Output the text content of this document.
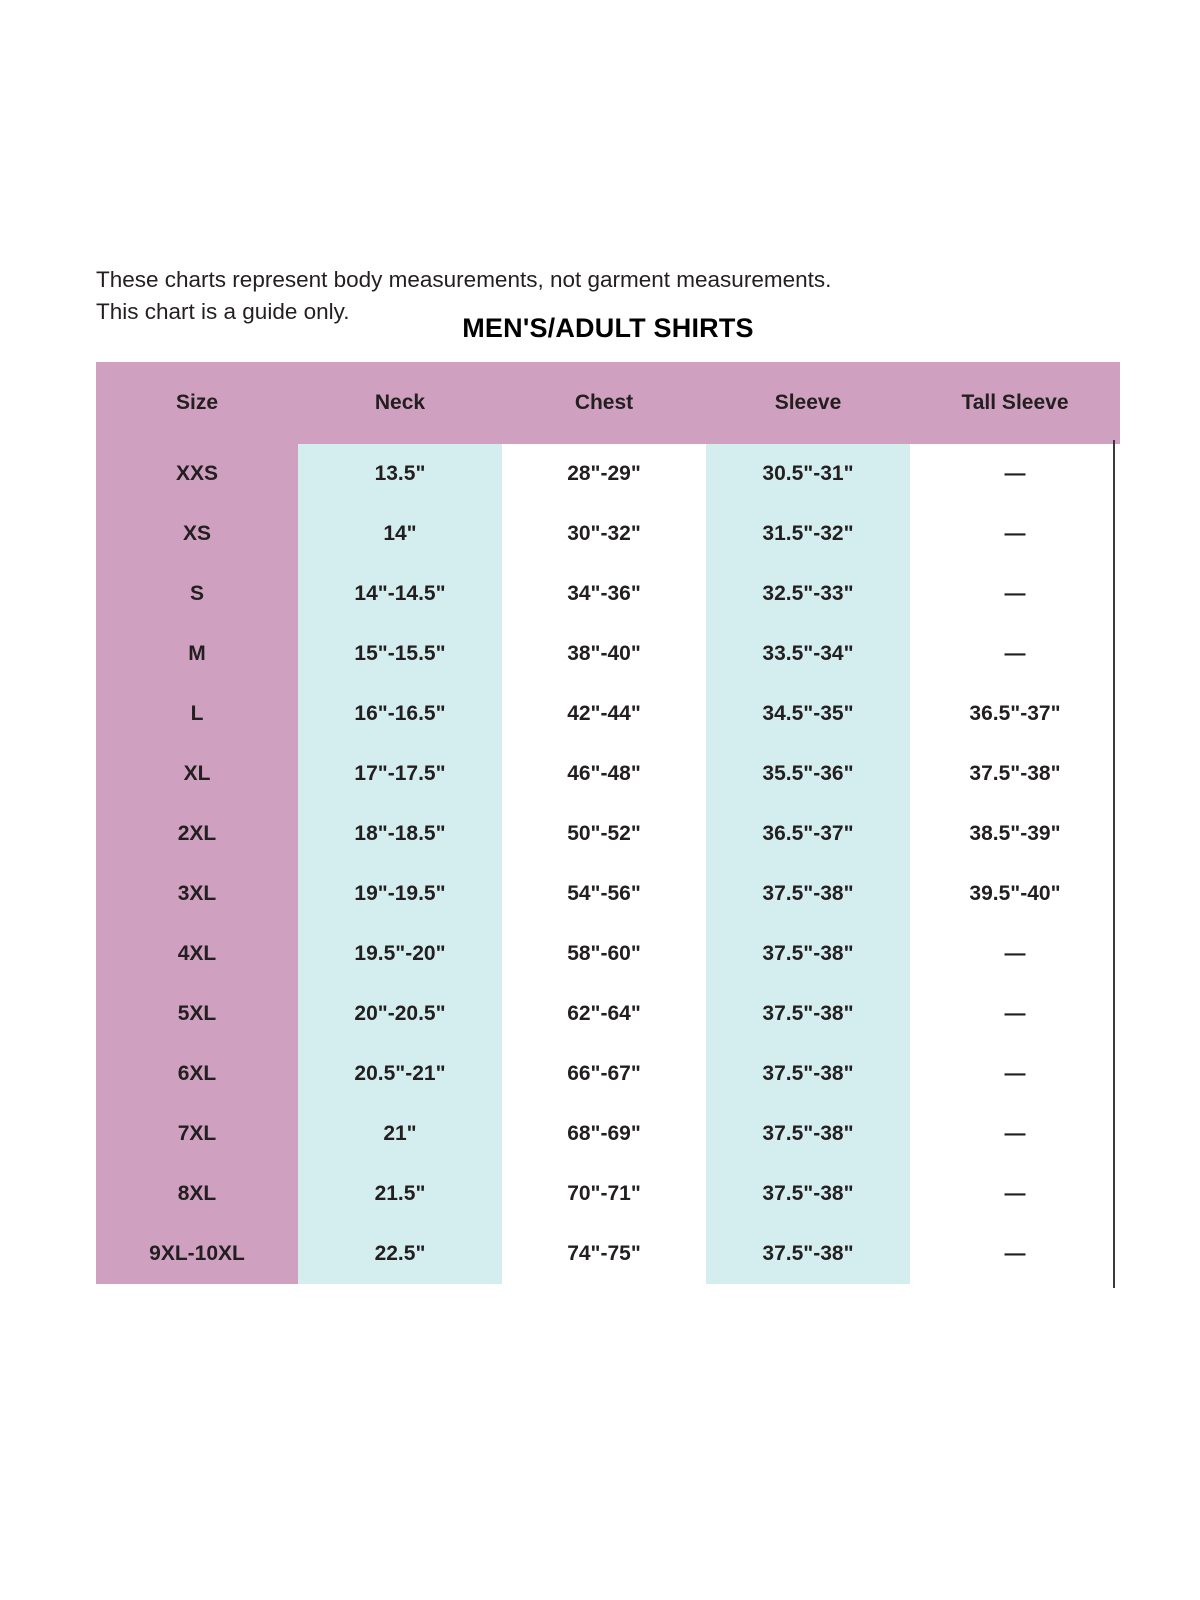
These charts represent body measurements, not garment measurements.
This chart is a guide only.
MEN'S/ADULT SHIRTS
Size	Neck	Chest	Sleeve	Tall Sleeve
XXS	13.5"	28"-29"	30.5"-31"	—
XS	14"	30"-32"	31.5"-32"	—
S	14"-14.5"	34"-36"	32.5"-33"	—
M	15"-15.5"	38"-40"	33.5"-34"	—
L	16"-16.5"	42"-44"	34.5"-35"	36.5"-37"
XL	17"-17.5"	46"-48"	35.5"-36"	37.5"-38"
2XL	18"-18.5"	50"-52"	36.5"-37"	38.5"-39"
3XL	19"-19.5"	54"-56"	37.5"-38"	39.5"-40"
4XL	19.5"-20"	58"-60"	37.5"-38"	—
5XL	20"-20.5"	62"-64"	37.5"-38"	—
6XL	20.5"-21"	66"-67"	37.5"-38"	—
7XL	21"	68"-69"	37.5"-38"	—
8XL	21.5"	70"-71"	37.5"-38"	—
9XL-10XL	22.5"	74"-75"	37.5"-38"	—
